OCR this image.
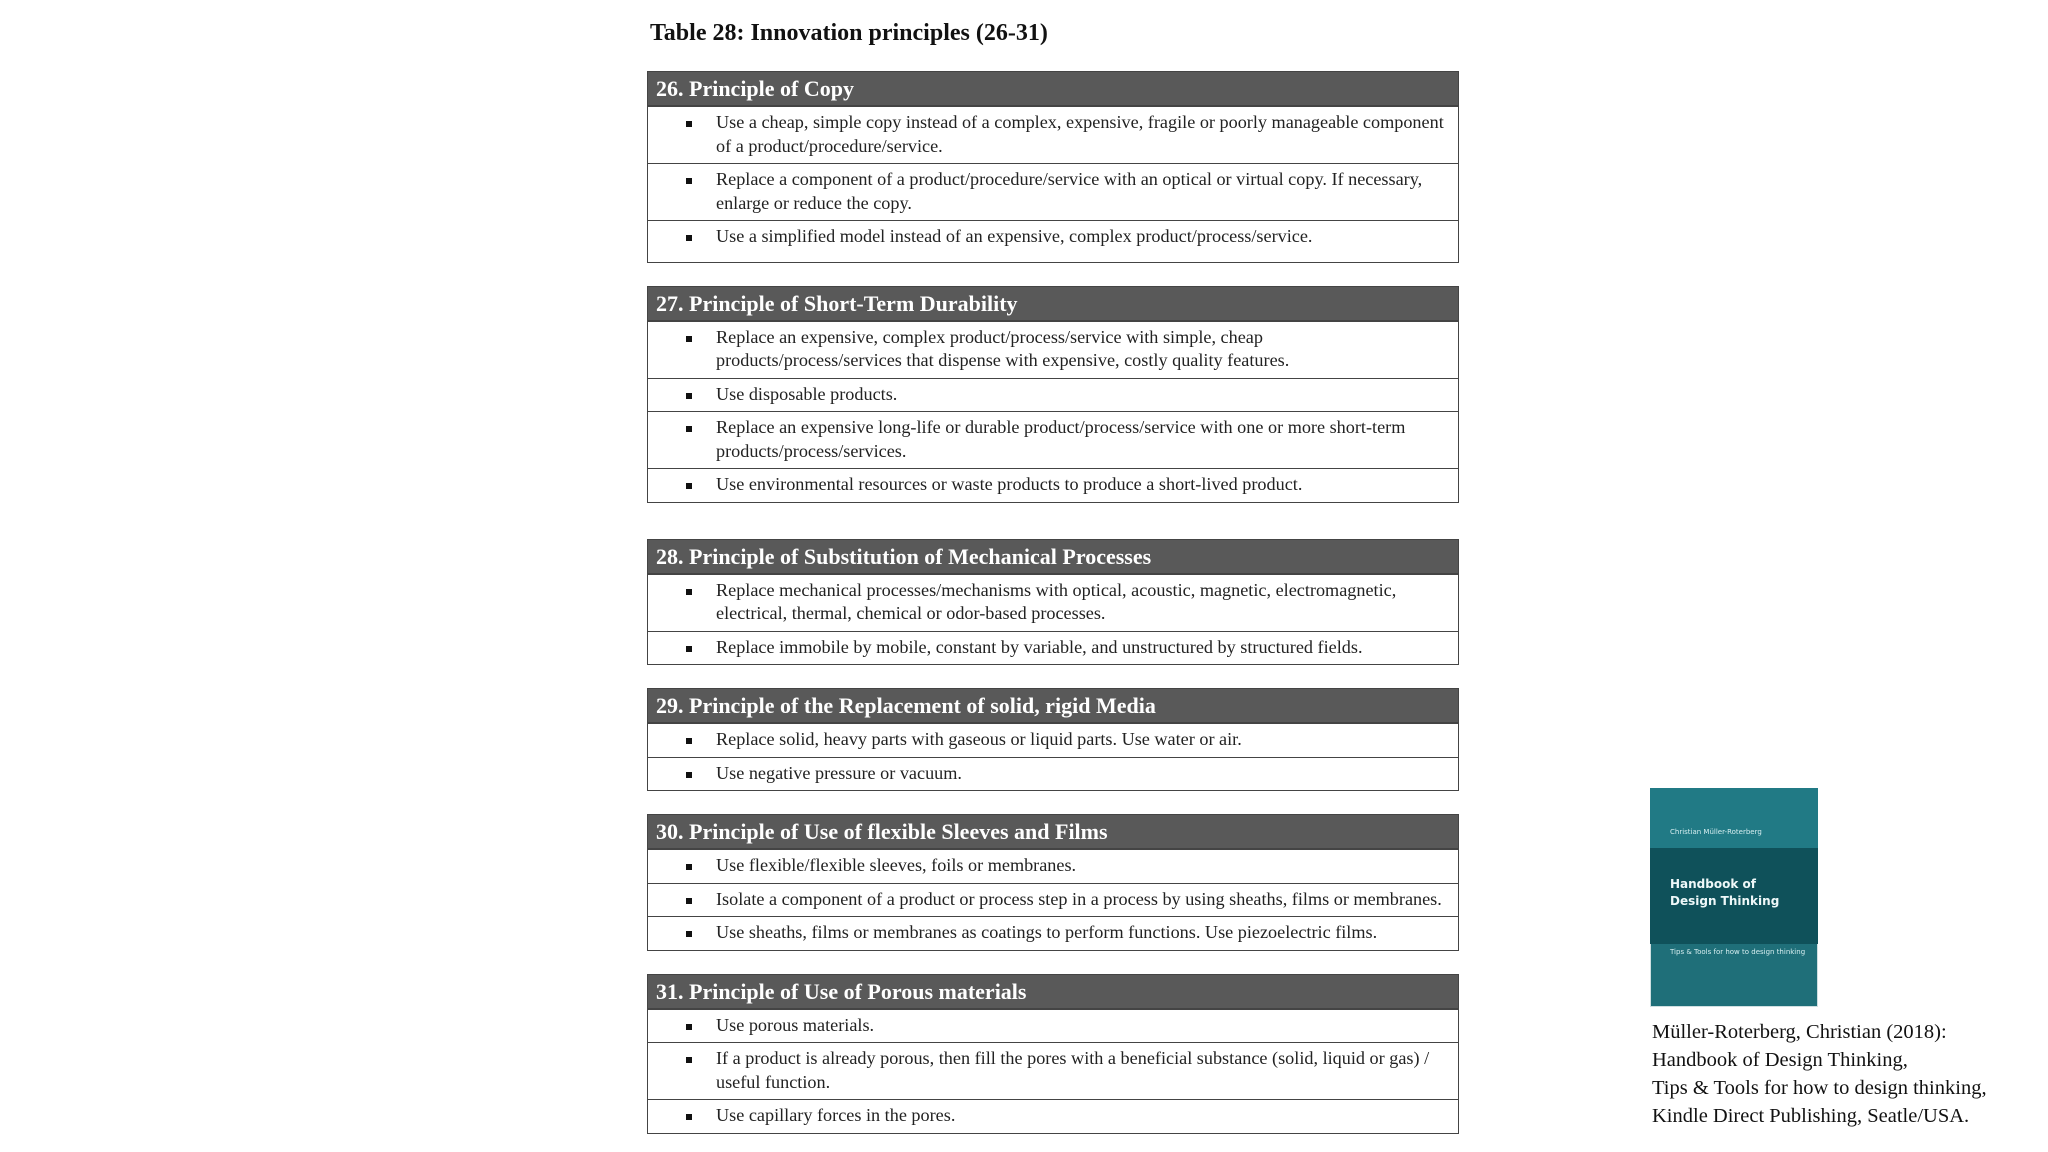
Table 28: Innovation principles (26-31)
26. Principle of Copy
Use a cheap, simple copy instead of a complex, expensive, fragile or poorly manageable component of a product/procedure/service.
Replace a component of a product/procedure/service with an optical or virtual copy. If necessary, enlarge or reduce the copy.
Use a simplified model instead of an expensive, complex product/process/service.
27. Principle of Short-Term Durability
Replace an expensive, complex product/process/service with simple, cheap products/process/services that dispense with expensive, costly quality features.
Use disposable products.
Replace an expensive long-life or durable product/process/service with one or more short-term products/process/services.
Use environmental resources or waste products to produce a short-lived product.
28. Principle of Substitution of Mechanical Processes
Replace mechanical processes/mechanisms with optical, acoustic, magnetic, electromagnetic, electrical, thermal, chemical or odor-based processes.
Replace immobile by mobile, constant by variable, and unstructured by structured fields.
29. Principle of the Replacement of solid, rigid Media
Replace solid, heavy parts with gaseous or liquid parts. Use water or air.
Use negative pressure or vacuum.
30. Principle of Use of flexible Sleeves and Films
Use flexible/flexible sleeves, foils or membranes.
Isolate a component of a product or process step in a process by using sheaths, films or membranes.
Use sheaths, films or membranes as coatings to perform functions. Use piezoelectric films.
31. Principle of Use of Porous materials
Use porous materials.
If a product is already porous, then fill the pores with a beneficial substance (solid, liquid or gas) / useful function.
Use capillary forces in the pores.
Christian Müller-Roterberg
Handbook of
Design Thinking
Tips & Tools for how to design thinking
Müller-Roterberg, Christian (2018):
Handbook of Design Thinking,
Tips & Tools for how to design thinking,
Kindle Direct Publishing, Seatle/USA.
